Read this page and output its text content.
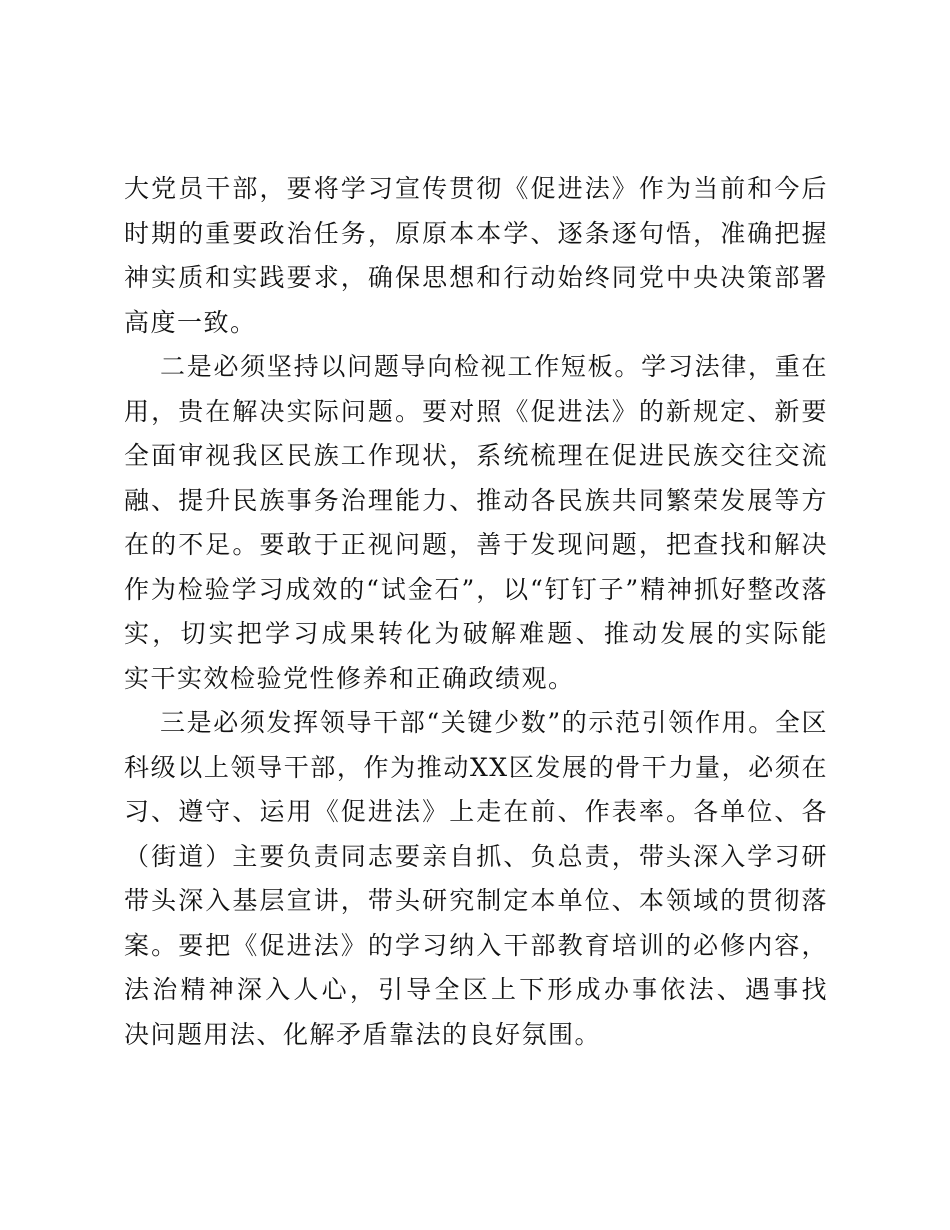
大党员干部，要将学习宣传贯彻《促进法》作为当前和今后
时期的重要政治任务，原原本本学、逐条逐句悟，准确把握
神实质和实践要求，确保思想和行动始终同党中央决策部署
高度一致。
二是必须坚持以问题导向检视工作短板。学习法律，重在
用，贵在解决实际问题。要对照《促进法》的新规定、新要
全面审视我区民族工作现状，系统梳理在促进民族交往交流
融、提升民族事务治理能力、推动各民族共同繁荣发展等方
在的不足。要敢于正视问题，善于发现问题，把查找和解决
作为检验学习成效的“试金石”，以“钉钉子”精神抓好整改落
实，切实把学习成果转化为破解难题、推动发展的实际能
实干实效检验党性修养和正确政绩观。
三是必须发挥领导干部“关键少数”的示范引领作用。全区
科级以上领导干部，作为推动XX区发展的骨干力量，必须在
习、遵守、运用《促进法》上走在前、作表率。各单位、各
（街道）主要负责同志要亲自抓、负总责，带头深入学习研
带头深入基层宣讲，带头研究制定本单位、本领域的贯彻落
案。要把《促进法》的学习纳入干部教育培训的必修内容，
法治精神深入人心，引导全区上下形成办事依法、遇事找
决问题用法、化解矛盾靠法的良好氛围。
